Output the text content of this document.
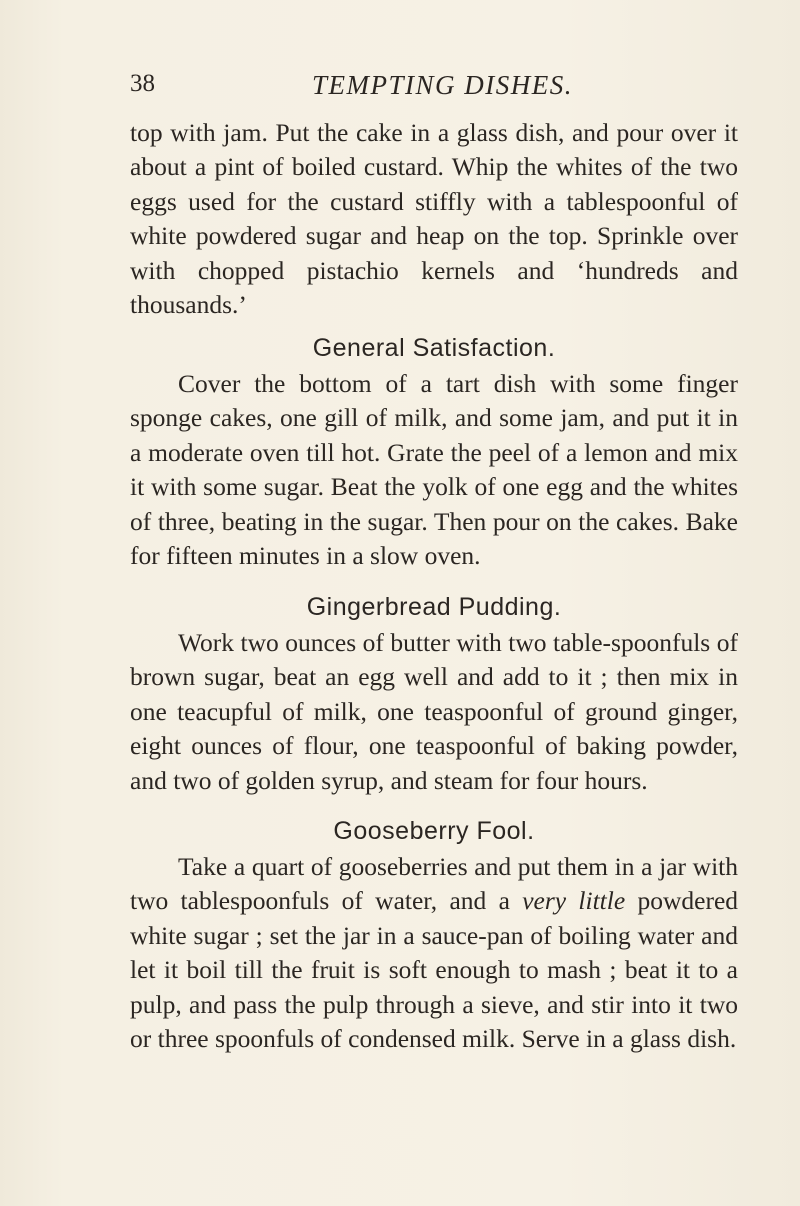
38	TEMPTING DISHES.

top with jam. Put the cake in a glass dish, and pour over it about a pint of boiled custard. Whip the whites of the two eggs used for the custard stiffly with a tablespoonful of white powdered sugar and heap on the top. Sprinkle over with chopped pistachio kernels and ‘hundreds and thousands.’

General Satisfaction.

Cover the bottom of a tart dish with some finger sponge cakes, one gill of milk, and some jam, and put it in a moderate oven till hot. Grate the peel of a lemon and mix it with some sugar. Beat the yolk of one egg and the whites of three, beating in the sugar. Then pour on the cakes. Bake for fifteen minutes in a slow oven.

Gingerbread Pudding.

Work two ounces of butter with two table-spoonfuls of brown sugar, beat an egg well and add to it ; then mix in one teacupful of milk, one teaspoonful of ground ginger, eight ounces of flour, one teaspoonful of baking powder, and two of golden syrup, and steam for four hours.

Gooseberry Fool.

Take a quart of gooseberries and put them in a jar with two tablespoonfuls of water, and a very little powdered white sugar ; set the jar in a sauce-pan of boiling water and let it boil till the fruit is soft enough to mash ; beat it to a pulp, and pass the pulp through a sieve, and stir into it two or three spoonfuls of condensed milk. Serve in a glass dish.
